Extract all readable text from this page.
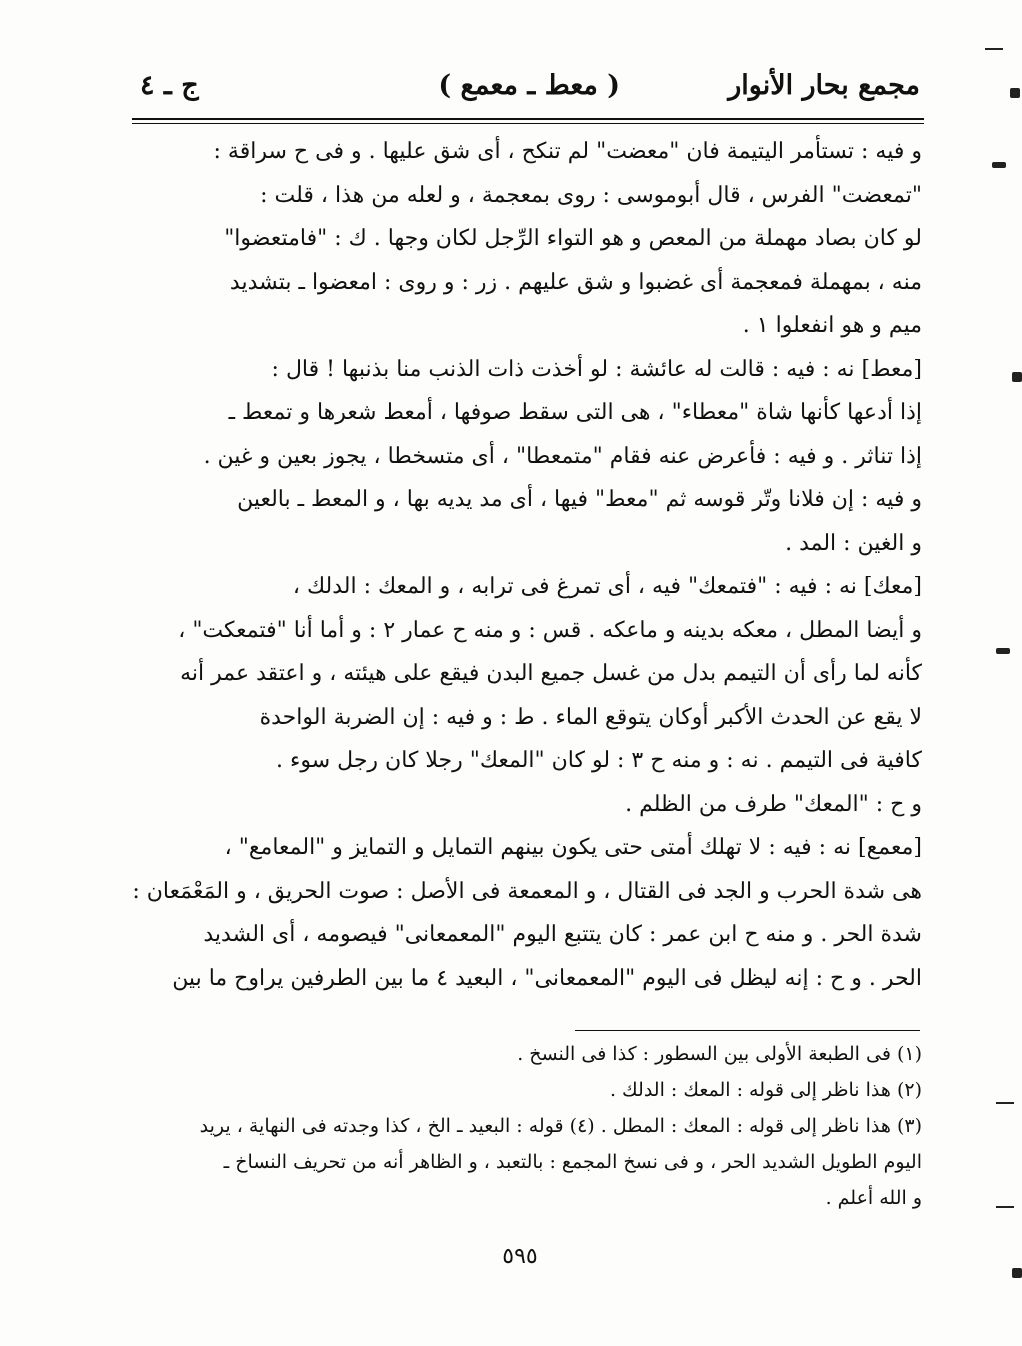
مجمع بحار الأنوار
( معط ـ معمع )
ج ـ ٤
و فيه : تستأمر اليتيمة فان "معضت" لم تنكح ، أى شق عليها . و فى ح سراقة :
"تمعضت" الفرس ، قال أبوموسى : روى بمعجمة ، و لعله من هذا ، قلت :
لو كان بصاد مهملة من المعص و هو التواء الرِّجل لكان وجها . ك : "فامتعضوا"
منه ، بمهملة فمعجمة أى غضبوا و شق عليهم . زر : و روى : امعضوا ـ بتشديد
ميم و هو انفعلوا ١ .
[معط] نه : فيه : قالت له عائشة : لو أخذت ذات الذنب منا بذنبها ! قال :
إذا أدعها كأنها شاة "معطاء" ، هى التى سقط صوفها ، أمعط شعرها و تمعط ـ
إذا تناثر . و فيه : فأعرض عنه فقام "متمعطا" ، أى متسخطا ، يجوز بعين و غين .
و فيه : إن فلانا وتّر قوسه ثم "معط" فيها ، أى مد يديه بها ، و المعط ـ بالعين
و الغين : المد .
[معك] نه : فيه : "فتمعك" فيه ، أى تمرغ فى ترابه ، و المعك : الدلك ،
و أيضا المطل ، معكه بدينه و ماعكه . قس : و منه ح عمار ٢ : و أما أنا "فتمعكت" ،
كأنه لما رأى أن التيمم بدل من غسل جميع البدن فيقع على هيئته ، و اعتقد عمر أنه
لا يقع عن الحدث الأكبر أوكان يتوقع الماء . ط : و فيه : إن الضربة الواحدة
كافية فى التيمم . نه : و منه ح ٣ : لو كان "المعك" رجلا كان رجل سوء .
و ح : "المعك" طرف من الظلم .
[معمع] نه : فيه : لا تهلك أمتى حتى يكون بينهم التمايل و التمايز و "المعامع" ،
هى شدة الحرب و الجد فى القتال ، و المعمعة فى الأصل : صوت الحريق ، و المَعْمَعان :
شدة الحر . و منه ح ابن عمر : كان يتتبع اليوم "المعمعانى" فيصومه ، أى الشديد
الحر . و ح : إنه ليظل فى اليوم "المعمعانى" ، البعيد ٤ ما بين الطرفين يراوح ما بين
(١) فى الطبعة الأولى بين السطور : كذا فى النسخ .
(٢) هذا ناظر إلى قوله : المعك : الدلك .
(٣) هذا ناظر إلى قوله : المعك : المطل . (٤) قوله : البعيد ـ الخ ، كذا وجدته فى النهاية ، يريد
اليوم الطويل الشديد الحر ، و فى نسخ المجمع : بالتعبد ، و الظاهر أنه من تحريف النساخ ـ
و الله أعلم .
٥٩٥
